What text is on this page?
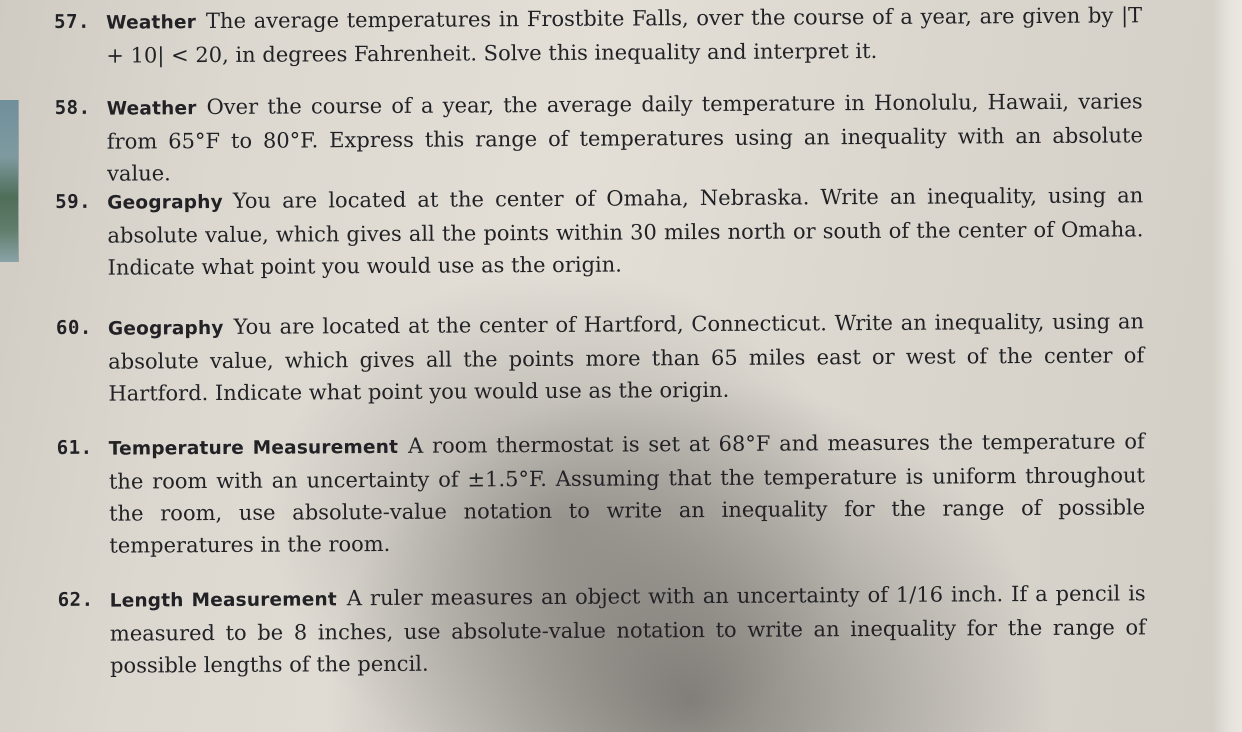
57. Weather The average temperatures in Frostbite Falls, over the course of a year, are given by |T + 10| < 20, in degrees Fahrenheit. Solve this inequality and interpret it.
58. Weather Over the course of a year, the average daily temperature in Honolulu, Hawaii, varies from 65°F to 80°F. Express this range of temperatures using an inequality with an absolute value.
59. Geography You are located at the center of Omaha, Nebraska. Write an inequality, using an absolute value, which gives all the points within 30 miles north or south of the center of Omaha. Indicate what point you would use as the origin.
60. Geography You are located at the center of Hartford, Connecticut. Write an inequality, using an absolute value, which gives all the points more than 65 miles east or west of the center of Hartford. Indicate what point you would use as the origin.
61. Temperature Measurement A room thermostat is set at 68°F and measures the temperature of the room with an uncertainty of ±1.5°F. Assuming that the temperature is uniform throughout the room, use absolute-value notation to write an inequality for the range of possible temperatures in the room.
62. Length Measurement A ruler measures an object with an uncertainty of 1/16 inch. If a pencil is measured to be 8 inches, use absolute-value notation to write an inequality for the range of possible lengths of the pencil.
